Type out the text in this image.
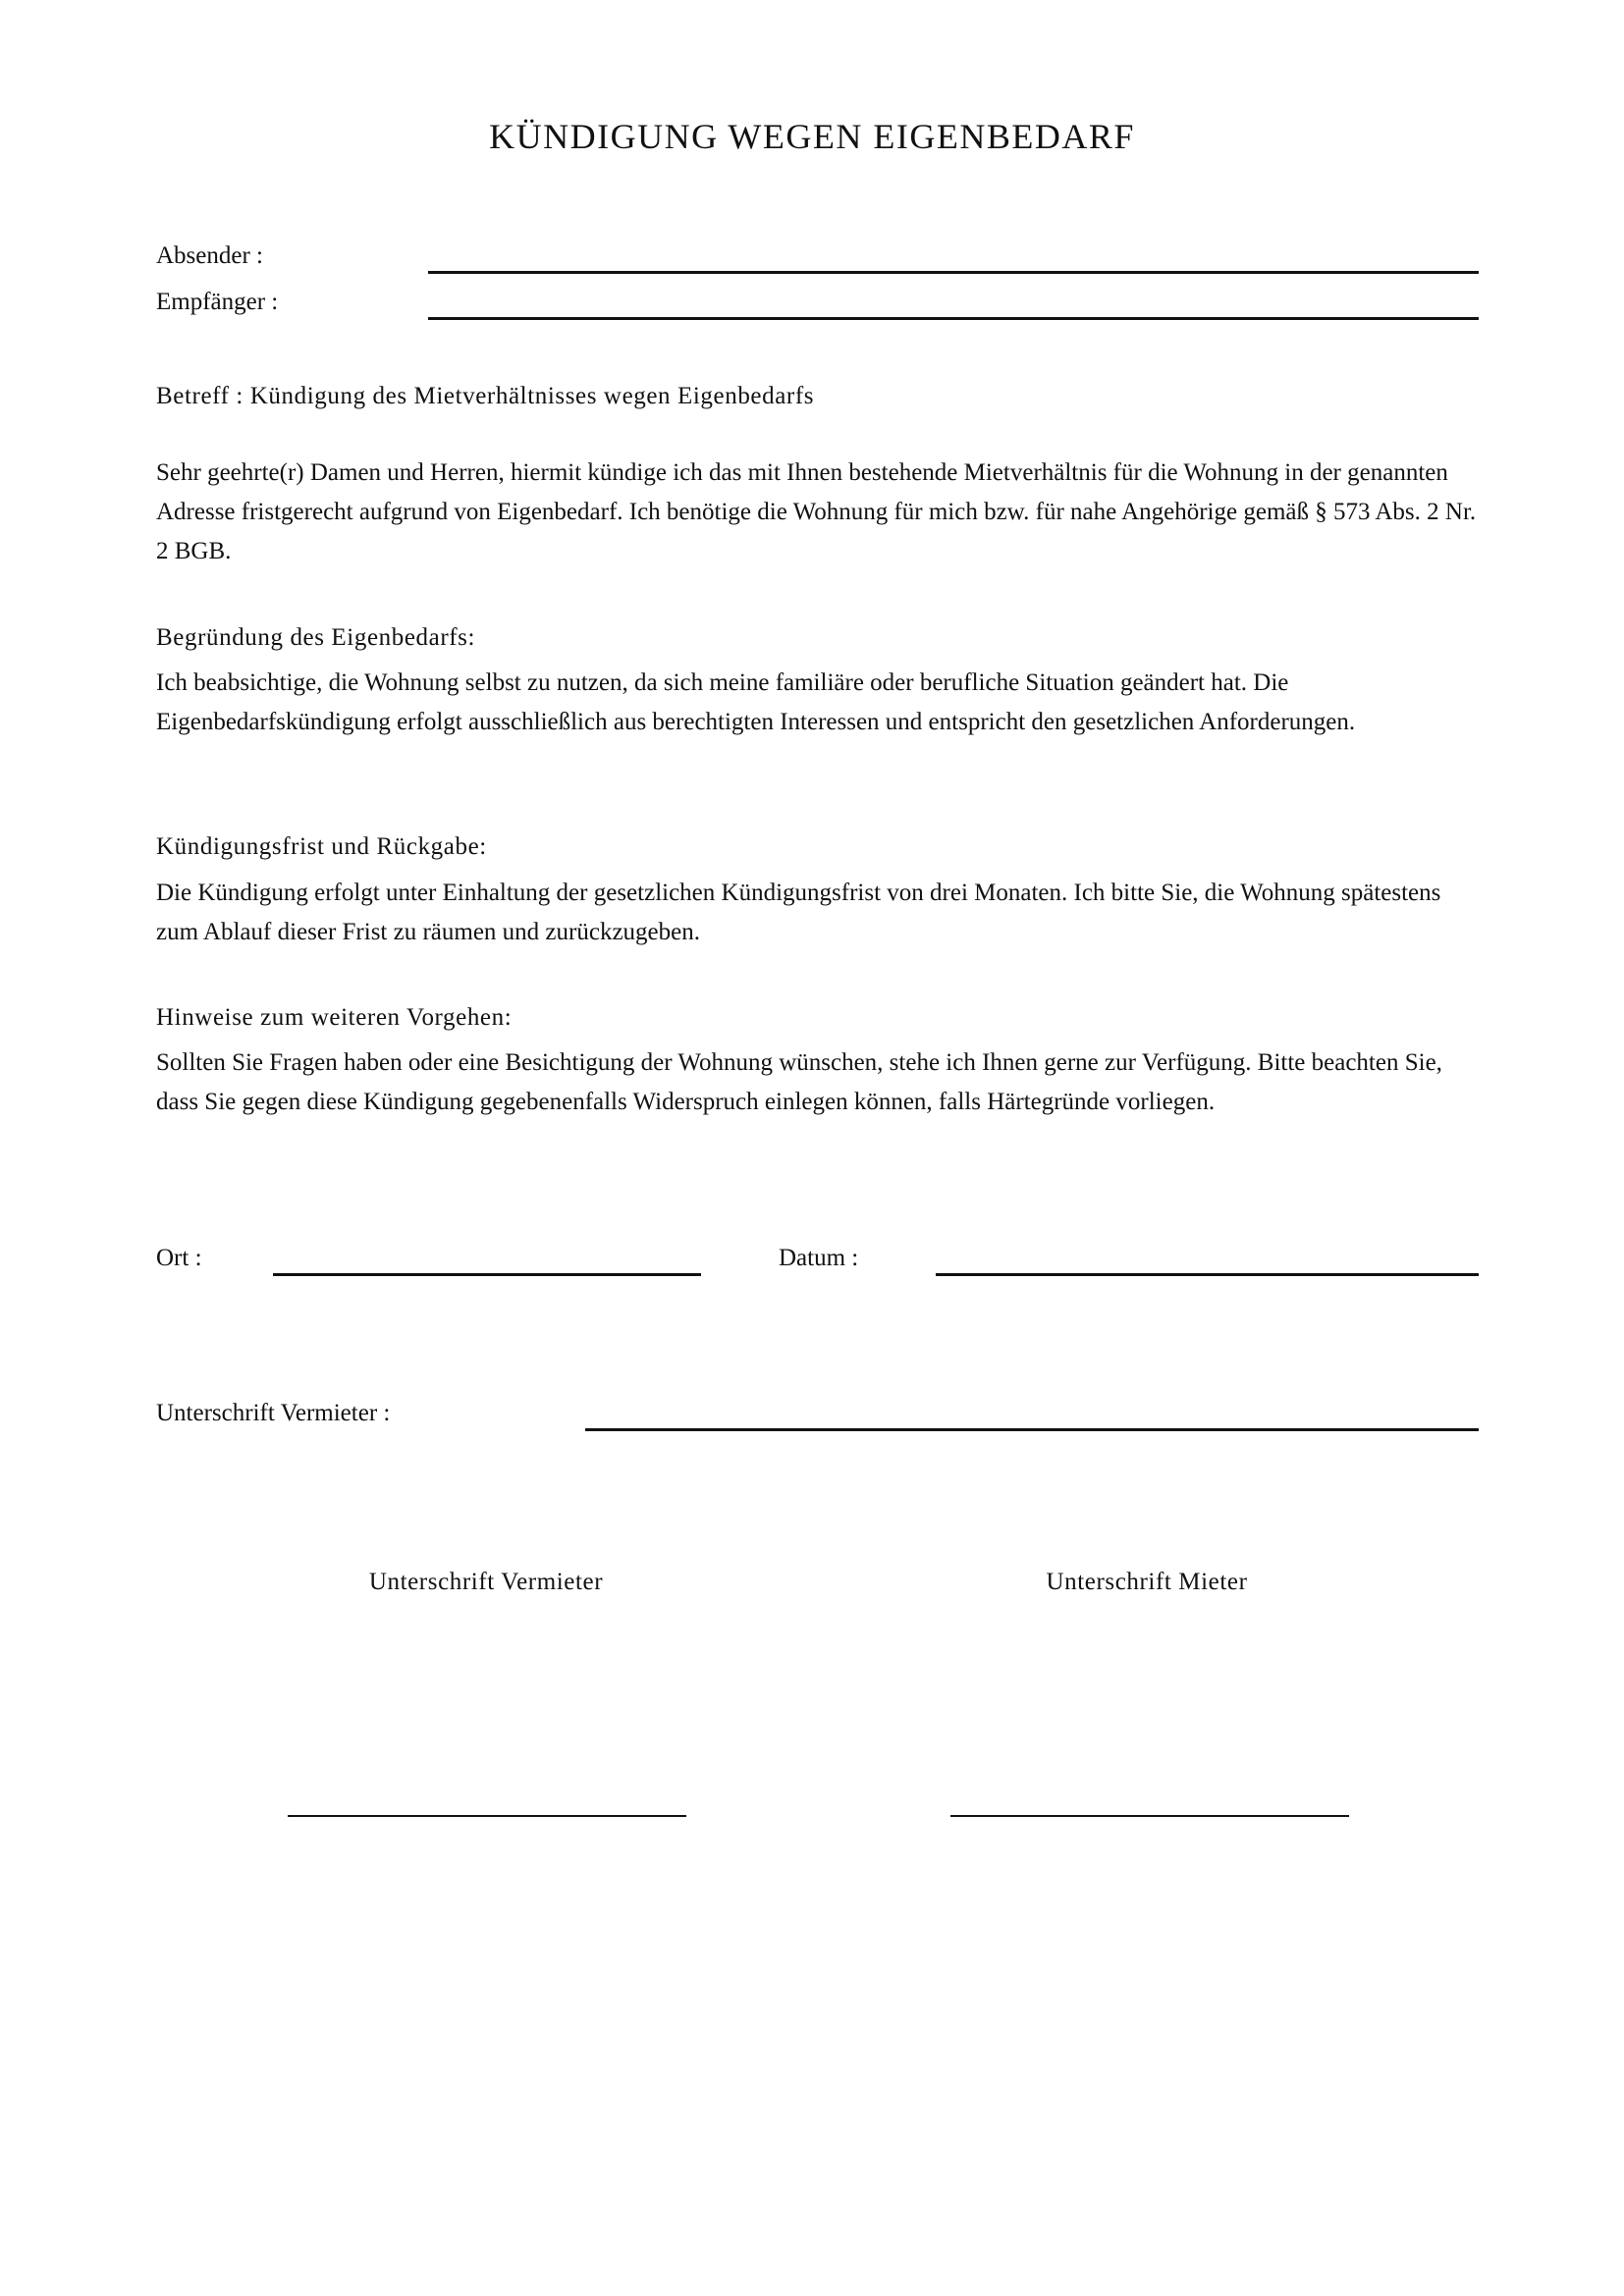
KÜNDIGUNG WEGEN EIGENBEDARF
Absender :
Empfänger :
Betreff : Kündigung des Mietverhältnisses wegen Eigenbedarfs
Sehr geehrte(r) Damen und Herren, hiermit kündige ich das mit Ihnen bestehende Mietverhältnis für die Wohnung in der genannten Adresse fristgerecht aufgrund von Eigenbedarf. Ich benötige die Wohnung für mich bzw. für nahe Angehörige gemäß § 573 Abs. 2 Nr. 2 BGB.
Begründung des Eigenbedarfs:
Ich beabsichtige, die Wohnung selbst zu nutzen, da sich meine familiäre oder berufliche Situation geändert hat. Die Eigenbedarfskündigung erfolgt ausschließlich aus berechtigten Interessen und entspricht den gesetzlichen Anforderungen.
Kündigungsfrist und Rückgabe:
Die Kündigung erfolgt unter Einhaltung der gesetzlichen Kündigungsfrist von drei Monaten. Ich bitte Sie, die Wohnung spätestens zum Ablauf dieser Frist zu räumen und zurückzugeben.
Hinweise zum weiteren Vorgehen:
Sollten Sie Fragen haben oder eine Besichtigung der Wohnung wünschen, stehe ich Ihnen gerne zur Verfügung. Bitte beachten Sie, dass Sie gegen diese Kündigung gegebenenfalls Widerspruch einlegen können, falls Härtegründe vorliegen.
Ort :	Datum :
Unterschrift Vermieter :
Unterschrift Vermieter	Unterschrift Mieter
